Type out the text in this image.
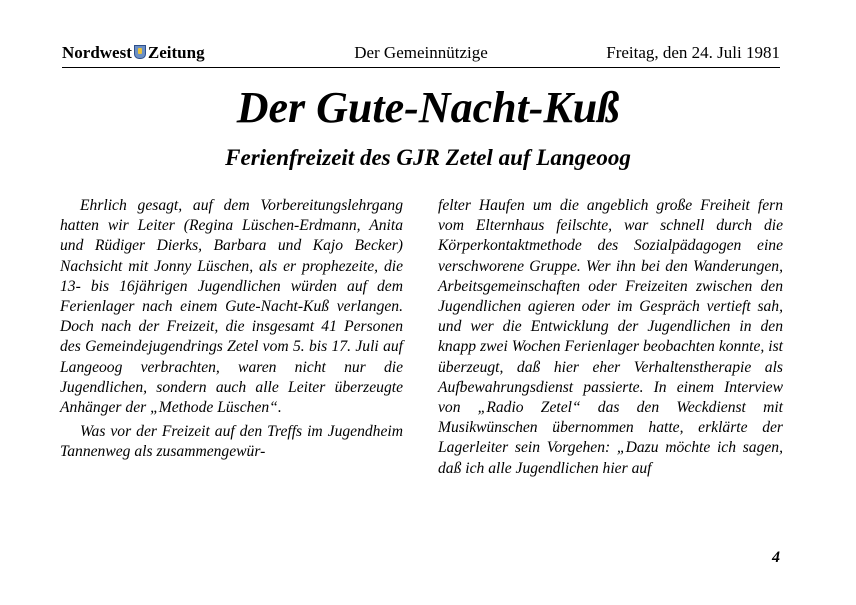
Nordwest Zeitung	Der Gemeinnützige	Freitag, den 24. Juli 1981
Der Gute-Nacht-Kuß
Ferienfreizeit des GJR Zetel auf Langeoog

Ehrlich gesagt, auf dem Vorbereitungslehrgang hatten wir Leiter (Regina Lüschen-Erdmann, Anita und Rüdiger Dierks, Barbara und Kajo Becker) Nachsicht mit Jonny Lüschen, als er prophezeite, die 13- bis 16jährigen Jugendlichen würden auf dem Ferienlager nach einem Gute-Nacht-Kuß verlangen. Doch nach der Freizeit, die insgesamt 41 Personen des Gemeindejugendrings Zetel vom 5. bis 17. Juli auf Langeoog verbrachten, waren nicht nur die Jugendlichen, sondern auch alle Leiter überzeugte Anhänger der „Methode Lüschen“.

Was vor der Freizeit auf den Treffs im Jugendheim Tannenweg als zusammengewür-

felter Haufen um die angeblich große Freiheit fern vom Elternhaus feilschte, war schnell durch die Körperkontaktmethode des Sozialpädagogen eine verschworene Gruppe. Wer ihn bei den Wanderungen, Arbeitsgemeinschaften oder Freizeiten zwischen den Jugendlichen agieren oder im Gespräch vertieft sah, und wer die Entwicklung der Jugendlichen in den knapp zwei Wochen Ferienlager beobachten konnte, ist überzeugt, daß hier eher Verhaltenstherapie als Aufbewahrungsdienst passierte. In einem Interview von „Radio Zetel“ das den Weckdienst mit Musikwünschen übernommen hatte, erklärte der Lagerleiter sein Vorgehen: „Dazu möchte ich sagen, daß ich alle Jugendlichen hier auf

4
